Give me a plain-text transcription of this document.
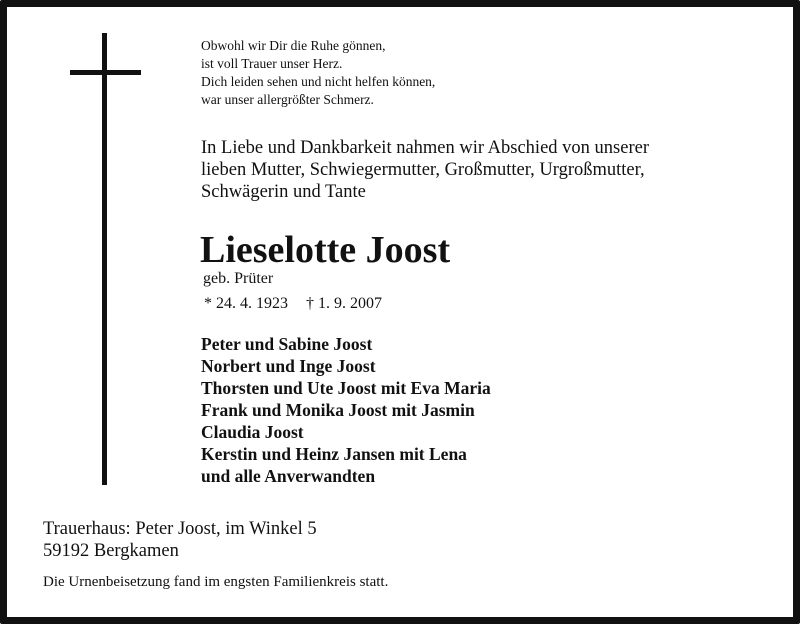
Obwohl wir Dir die Ruhe gönnen,
ist voll Trauer unser Herz.
Dich leiden sehen und nicht helfen können,
war unser allergrößter Schmerz.
In Liebe und Dankbarkeit nahmen wir Abschied von unserer
lieben Mutter, Schwiegermutter, Großmutter, Urgroßmutter,
Schwägerin und Tante
Lieselotte Joost
geb. Prüter
* 24. 4. 1923 † 1. 9. 2007
Peter und Sabine Joost
Norbert und Inge Joost
Thorsten und Ute Joost mit Eva Maria
Frank und Monika Joost mit Jasmin
Claudia Joost
Kerstin und Heinz Jansen mit Lena
und alle Anverwandten
Trauerhaus: Peter Joost, im Winkel 5
59192 Bergkamen
Die Urnenbeisetzung fand im engsten Familienkreis statt.
